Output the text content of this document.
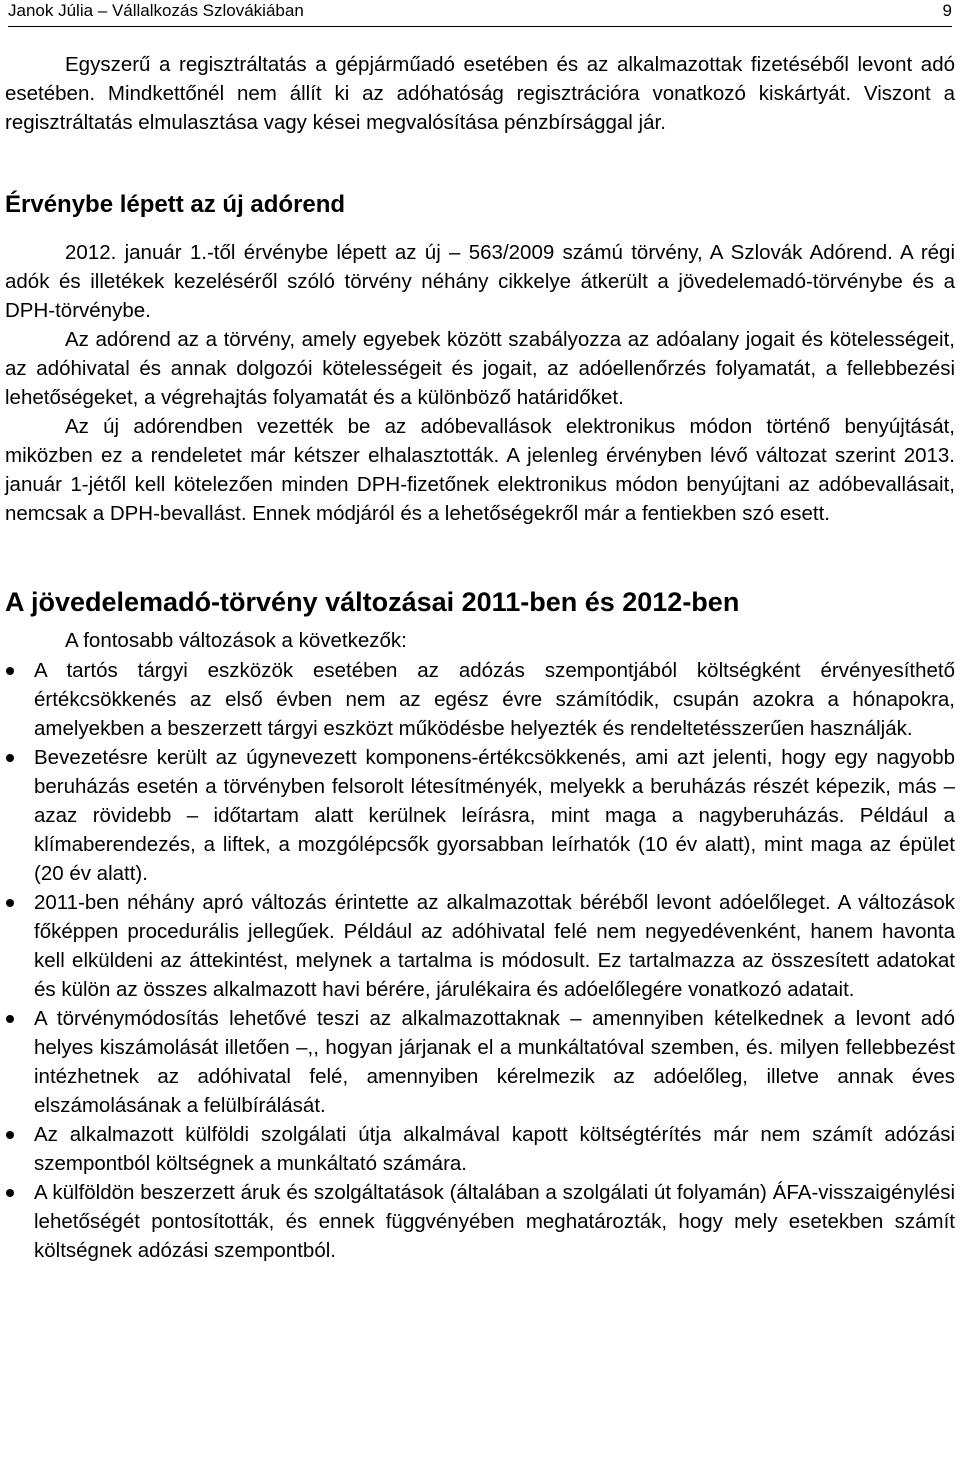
Janok Júlia – Vállalkozás Szlovákiában	9

Egyszerű a regisztráltatás a gépjárműadó esetében és az alkalmazottak fizetéséből levont adó esetében. Mindkettőnél nem állít ki az adóhatóság regisztrációra vonatkozó kiskártyát. Viszont a regisztráltatás elmulasztása vagy kései megvalósítása pénzbírsággal jár.

Érvénybe lépett az új adórend

2012. január 1.-től érvénybe lépett az új – 563/2009 számú törvény, A Szlovák Adórend. A régi adók és illetékek kezeléséről szóló törvény néhány cikkelye átkerült a jövedelemadó-törvénybe és a DPH-törvénybe.

Az adórend az a törvény, amely egyebek között szabályozza az adóalany jogait és kötelességeit, az adóhivatal és annak dolgozói kötelességeit és jogait, az adóellenőrzés folyamatát, a fellebbezési lehetőségeket, a végrehajtás folyamatát és a különböző határidőket.

Az új adórendben vezették be az adóbevallások elektronikus módon történő benyújtását, miközben ez a rendeletet már kétszer elhalasztották. A jelenleg érvényben lévő változat szerint 2013. január 1-jétől kell kötelezően minden DPH-fizetőnek elektronikus módon benyújtani az adóbevallásait, nemcsak a DPH-bevallást. Ennek módjáról és a lehetőségekről már a fentiekben szó esett.

A jövedelemadó-törvény változásai 2011-ben és 2012-ben

A fontosabb változások a következők:

A tartós tárgyi eszközök esetében az adózás szempontjából költségként érvényesíthető értékcsökkenés az első évben nem az egész évre számítódik, csupán azokra a hónapokra, amelyekben a beszerzett tárgyi eszközt működésbe helyezték és rendeltetésszerűen használják.
Bevezetésre került az úgynevezett komponens-értékcsökkenés, ami azt jelenti, hogy egy nagyobb beruházás esetén a törvényben felsorolt létesítményék, melyekk a beruházás részét képezik, más – azaz rövidebb – időtartam alatt kerülnek leírásra, mint maga a nagyberuházás. Például a klímaberendezés, a liftek, a mozgólépcsők gyorsabban leírhatók (10 év alatt), mint maga az épület (20 év alatt).
2011-ben néhány apró változás érintette az alkalmazottak béréből levont adóelőleget. A változások főképpen procedurális jellegűek. Például az adóhivatal felé nem negyedévenként, hanem havonta kell elküldeni az áttekintést, melynek a tartalma is módosult. Ez tartalmazza az összesített adatokat és külön az összes alkalmazott havi bérére, járulékaira és adóelőlegére vonatkozó adatait.
A törvénymódosítás lehetővé teszi az alkalmazottaknak – amennyiben kételkednek a levont adó helyes kiszámolását illetően –,, hogyan járjanak el a munkáltatóval szemben, és. milyen fellebbezést intézhetnek az adóhivatal felé, amennyiben kérelmezik az adóelőleg, illetve annak éves elszámolásának a felülbírálását.
Az alkalmazott külföldi szolgálati útja alkalmával kapott költségtérítés már nem számít adózási szempontból költségnek a munkáltató számára.
A külföldön beszerzett áruk és szolgáltatások (általában a szolgálati út folyamán) ÁFA-visszaigénylési lehetőségét pontosították, és ennek függvényében meghatározták, hogy mely esetekben számít költségnek adózási szempontból.
